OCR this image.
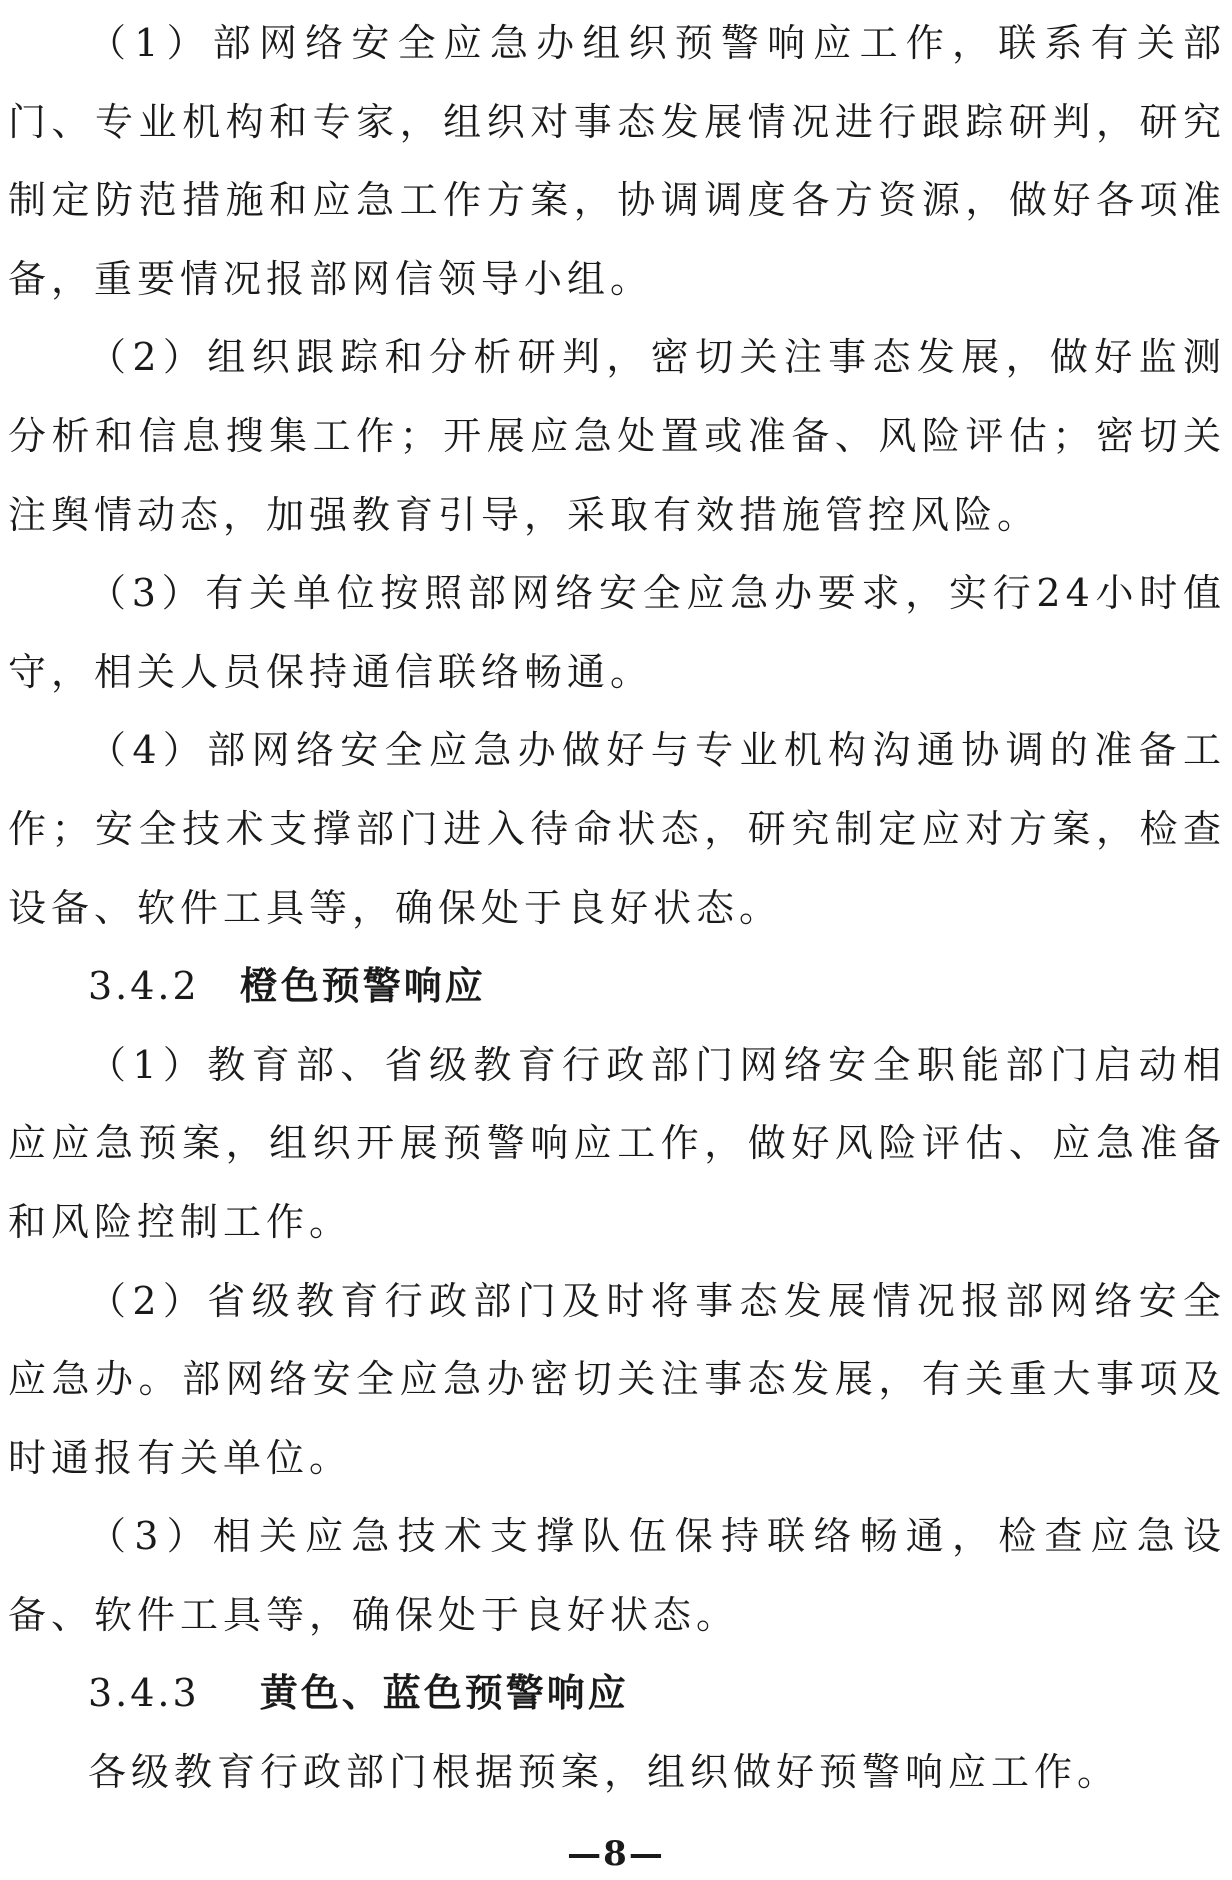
（1）部网络安全应急办组织预警响应工作，联系有关部门、专业机构和专家，组织对事态发展情况进行跟踪研判，研究制定防范措施和应急工作方案，协调调度各方资源，做好各项准备，重要情况报部网信领导小组。

（2）组织跟踪和分析研判，密切关注事态发展，做好监测分析和信息搜集工作；开展应急处置或准备、风险评估；密切关注舆情动态，加强教育引导，采取有效措施管控风险。

（3）有关单位按照部网络安全应急办要求，实行24小时值守，相关人员保持通信联络畅通。

（4）部网络安全应急办做好与专业机构沟通协调的准备工作；安全技术支撑部门进入待命状态，研究制定应对方案，检查设备、软件工具等，确保处于良好状态。

3.4.2 橙色预警响应

（1）教育部、省级教育行政部门网络安全职能部门启动相应应急预案，组织开展预警响应工作，做好风险评估、应急准备和风险控制工作。

（2）省级教育行政部门及时将事态发展情况报部网络安全应急办。部网络安全应急办密切关注事态发展，有关重大事项及时通报有关单位。

（3）相关应急技术支撑队伍保持联络畅通，检查应急设备、软件工具等，确保处于良好状态。

3.4.3 黄色、蓝色预警响应

各级教育行政部门根据预案，组织做好预警响应工作。

—8—
